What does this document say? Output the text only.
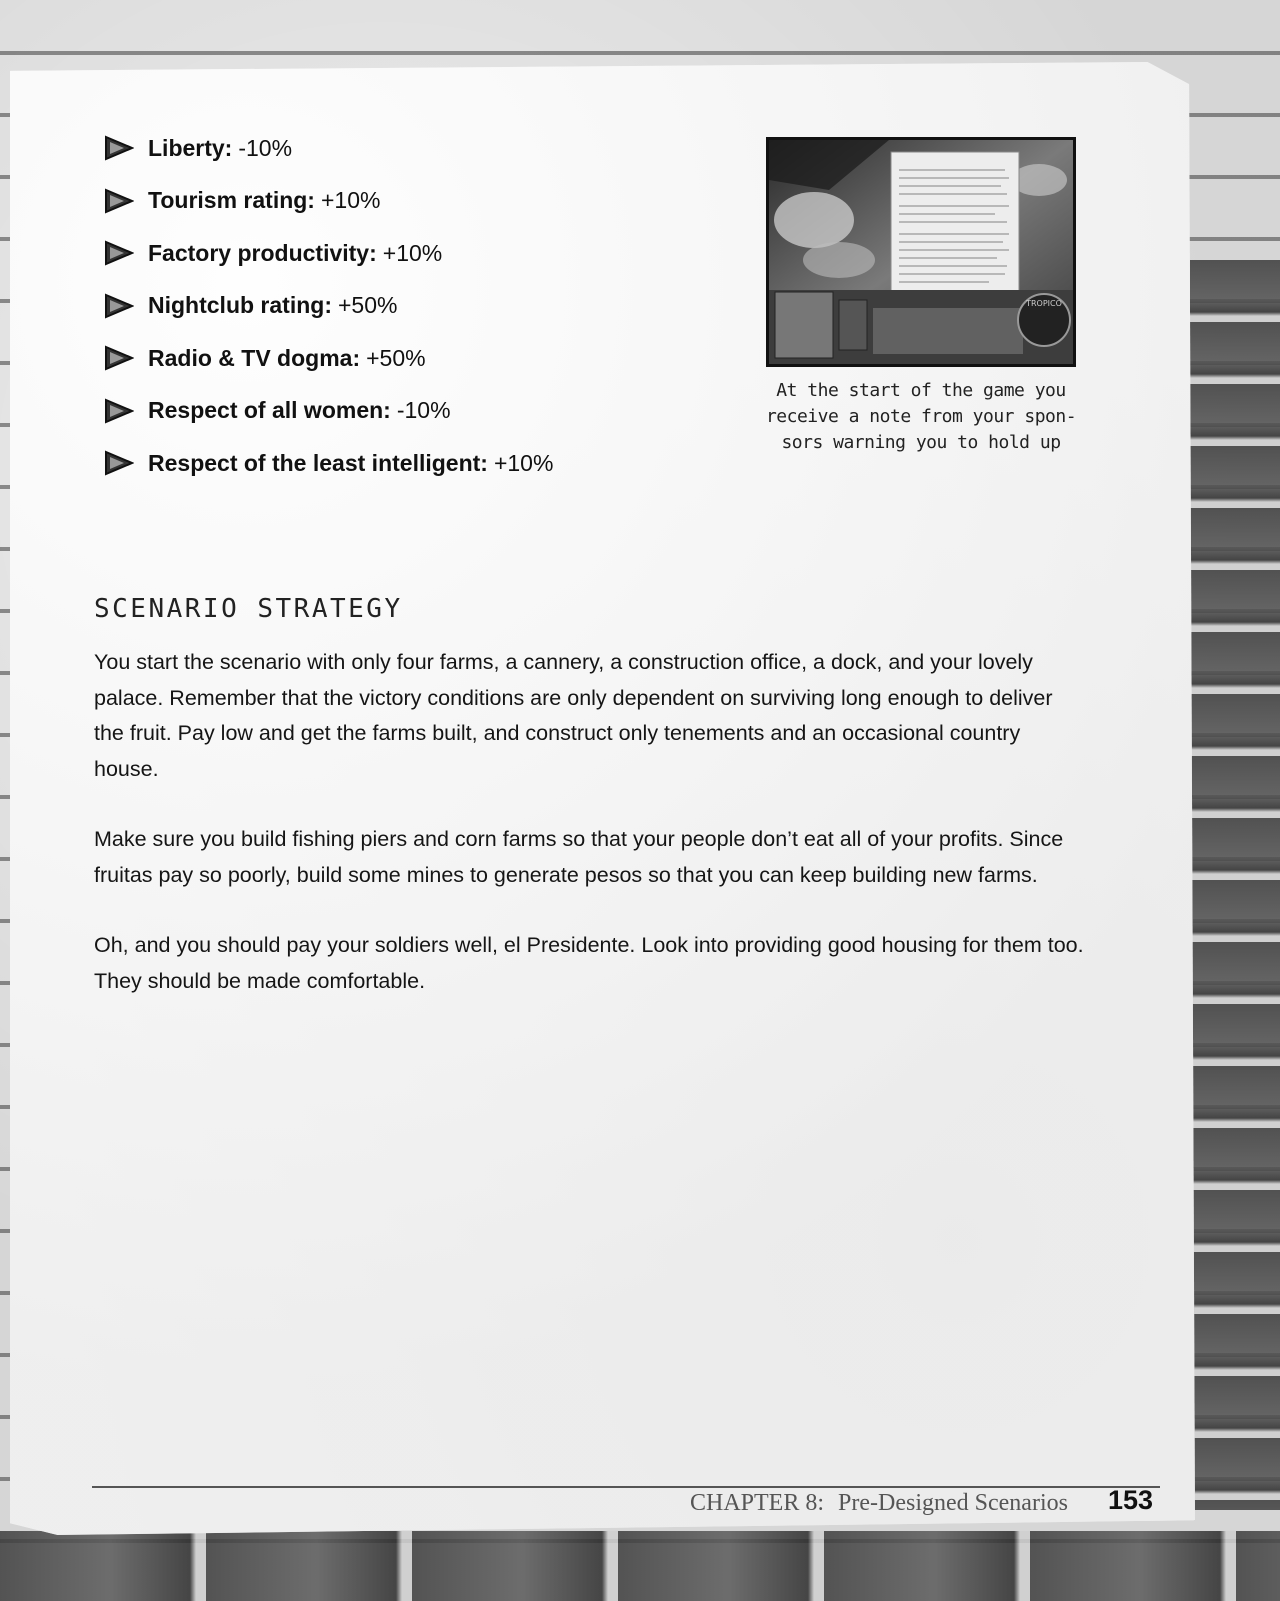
Liberty: -10%
Tourism rating: +10%
Factory productivity: +10%
Nightclub rating: +50%
Radio & TV dogma: +50%
Respect of all women: -10%
Respect of the least intelligent: +10%
TROPICO
At the start of the game you
receive a note from your spon-
sors warning you to hold up
SCENARIO STRATEGY

You start the scenario with only four farms, a cannery, a construction office, a dock, and your lovely palace. Remember that the victory conditions are only dependent on surviving long enough to deliver the fruit. Pay low and get the farms built, and construct only tenements and an occasional country house.

Make sure you build fishing piers and corn farms so that your people don’t eat all of your profits. Since fruitas pay so poorly, build some mines to generate pesos so that you can keep building new farms.

Oh, and you should pay your soldiers well, el Presidente. Look into providing good housing for them too. They should be made comfortable.

CHAPTER 8: Pre-Designed Scenarios 153
